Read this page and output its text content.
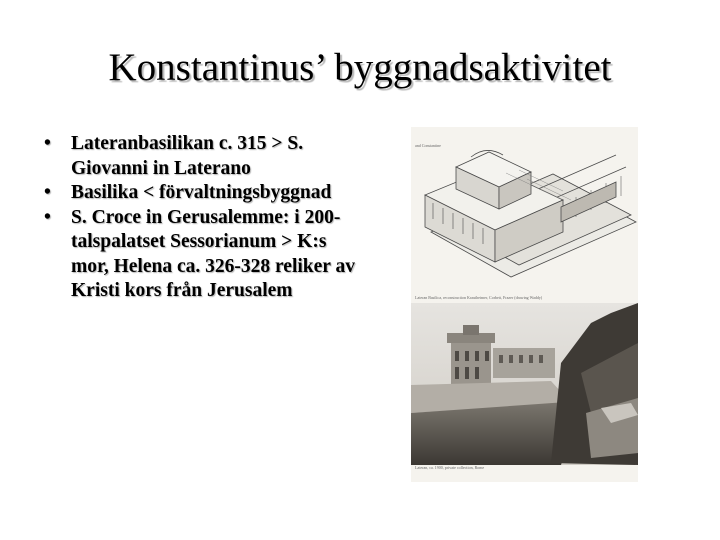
Konstantinus’ byggnadsaktivitet
•	Lateranbasilikan c. 315 > S. Giovanni in Laterano
•	Basilika < förvaltningsbyggnad
•	S. Croce in Gerusalemme: i 200-talspalatset Sessorianum > K:s mor, Helena ca. 326-328 reliker av Kristi kors från Jerusalem
and Constantine
Lateran Basilica, reconstruction Krautheimer, Corbett, Frazer (drawing Waddy)
Lateran, ca. 1900, private collection, Rome
